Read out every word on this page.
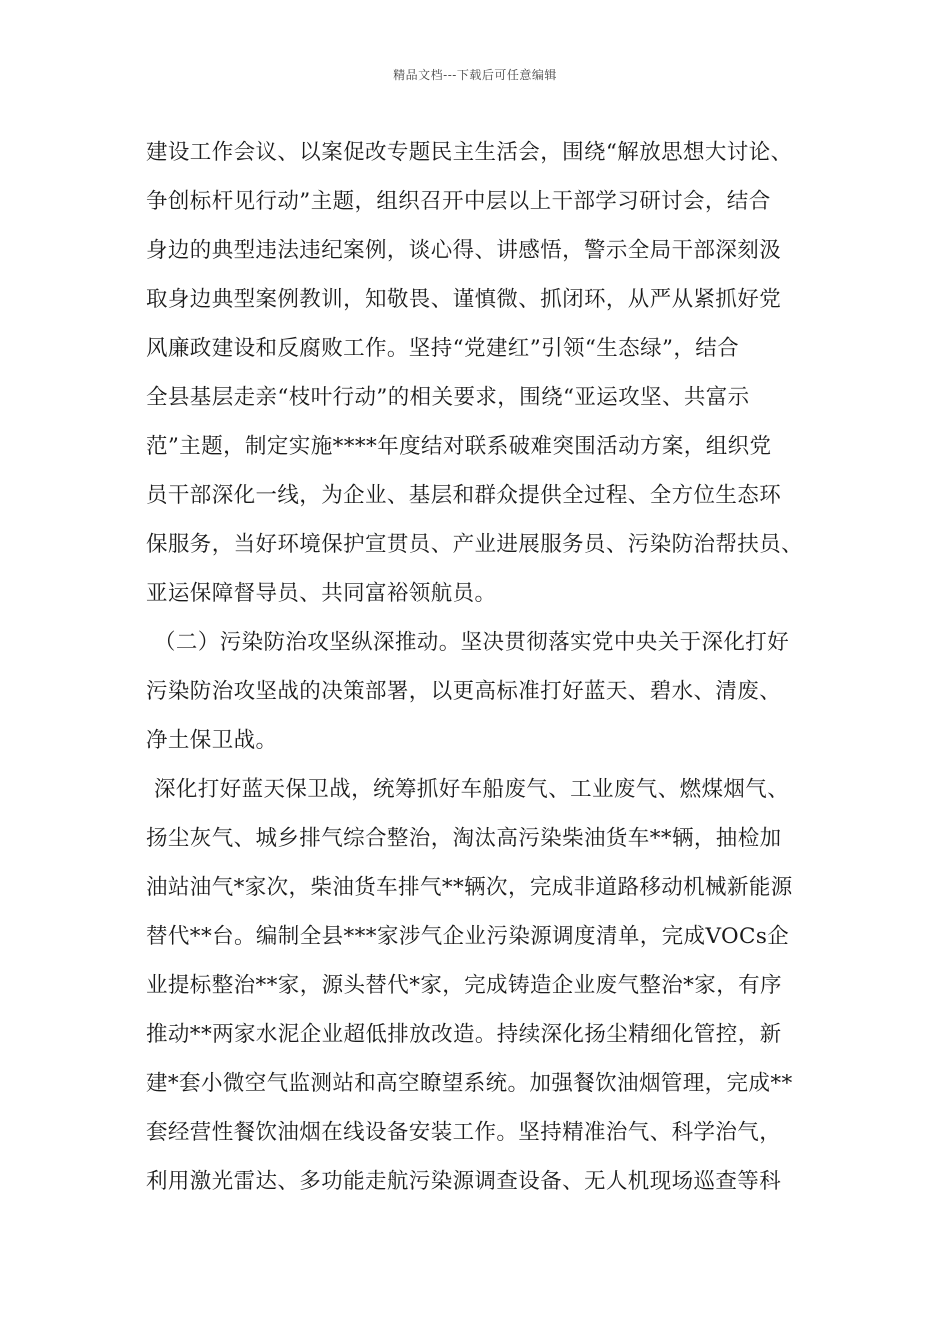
精品文档---下载后可任意编辑
建设工作会议、以案促改专题民主生活会，围绕“解放思想大讨论、
争创标杆见行动”主题，组织召开中层以上干部学习研讨会，结合
身边的典型违法违纪案例，谈心得、讲感悟，警示全局干部深刻汲
取身边典型案例教训，知敬畏、谨慎微、抓闭环，从严从紧抓好党
风廉政建设和反腐败工作。坚持“党建红”引领“生态绿”，结合
全县基层走亲“枝叶行动”的相关要求，围绕“亚运攻坚、共富示
范”主题，制定实施****年度结对联系破难突围活动方案，组织党
员干部深化一线，为企业、基层和群众提供全过程、全方位生态环
保服务，当好环境保护宣贯员、产业进展服务员、污染防治帮扶员、
亚运保障督导员、共同富裕领航员。
（二）污染防治攻坚纵深推动。坚决贯彻落实党中央关于深化打好
污染防治攻坚战的决策部署，以更高标准打好蓝天、碧水、清废、
净土保卫战。
深化打好蓝天保卫战，统筹抓好车船废气、工业废气、燃煤烟气、
扬尘灰气、城乡排气综合整治，淘汰高污染柴油货车**辆，抽检加
油站油气*家次，柴油货车排气**辆次，完成非道路移动机械新能源
替代**台。编制全县***家涉气企业污染源调度清单，完成VOCs企
业提标整治**家，源头替代*家，完成铸造企业废气整治*家，有序
推动**两家水泥企业超低排放改造。持续深化扬尘精细化管控，新
建*套小微空气监测站和高空瞭望系统。加强餐饮油烟管理，完成**
套经营性餐饮油烟在线设备安装工作。坚持精准治气、科学治气，
利用激光雷达、多功能走航污染源调查设备、无人机现场巡查等科
